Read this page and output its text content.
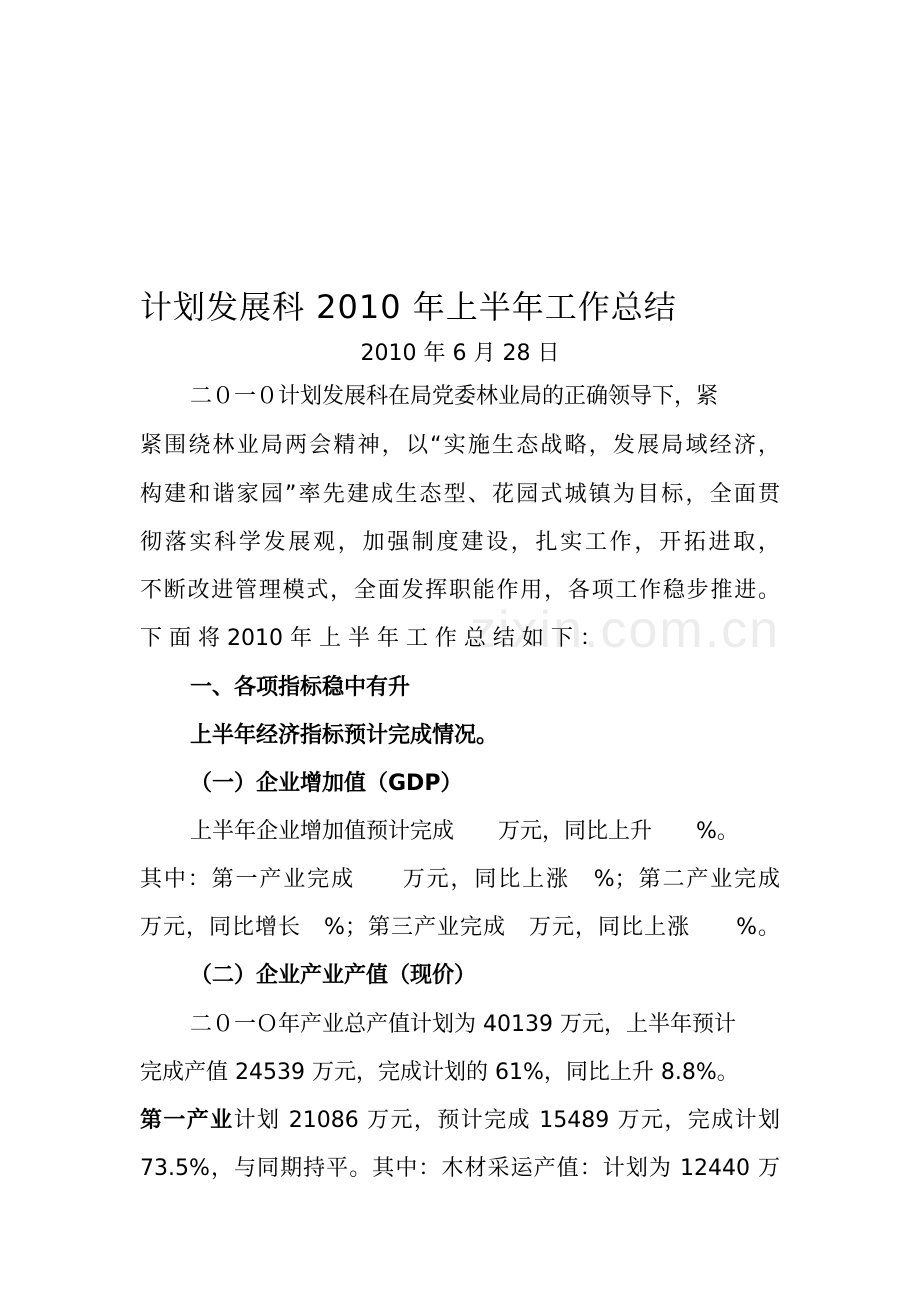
计划发展科 2010 年上半年工作总结
2010 年 6 月 28 日
二０一０计划发展科在局党委林业局的正确领导下，紧
紧围绕林业局两会精神，以“实施生态战略，发展局域经济，
构建和谐家园”率先建成生态型、花园式城镇为目标，全面贯
彻落实科学发展观，加强制度建设，扎实工作，开拓进取，
不断改进管理模式，全面发挥职能作用，各项工作稳步推进。
下 面 将 2010 年 上 半 年 工 作 总 结 如 下 ：
一、各项指标稳中有升
上半年经济指标预计完成情况。
（一）企业增加值（GDP）
上半年企业增加值预计完成　　万元，同比上升　　%。
其中：第一产业完成　　万元，同比上涨　%；第二产业完成
万元，同比增长　%；第三产业完成　万元，同比上涨　　%。
（二）企业产业产值（现价）
二０一Ｏ年产业总产值计划为 40139 万元，上半年预计
完成产值 24539 万元，完成计划的 61%，同比上升 8.8%。
第一产业计划 21086 万元，预计完成 15489 万元，完成计划
73.5%，与同期持平。其中：木材采运产值：计划为 12440 万
zixin.com.cn
